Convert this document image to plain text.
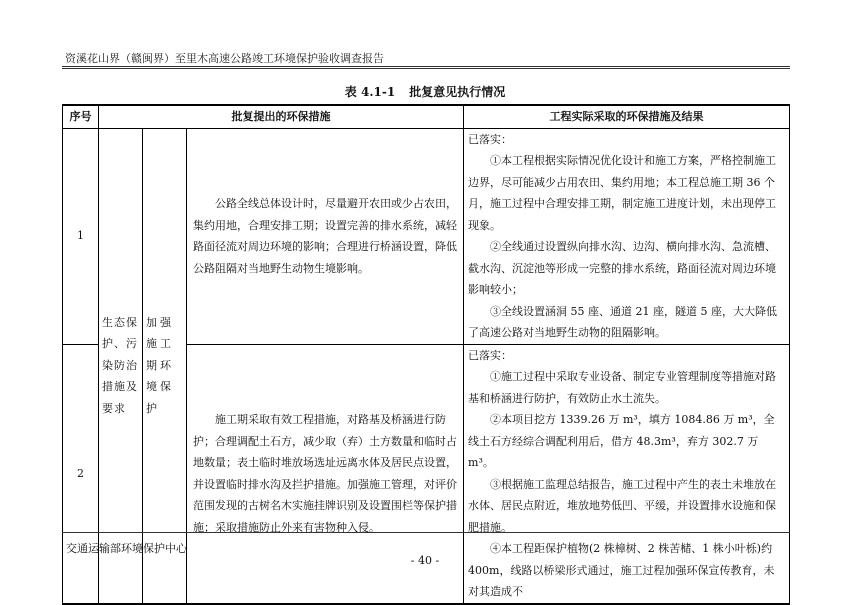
资溪花山界（赣闽界）至里木高速公路竣工环境保护验收调查报告
表 4.1-1 批复意见执行情况
序号	批复提出的环保措施			工程实际采取的环保措施及结果
1	生态保护、污染防治措施及要求	加强施工期环境保护	公路全线总体设计时，尽量避开农田或少占农田，集约用地，合理安排工期；设置完善的排水系统，减轻路面径流对周边环境的影响；合理进行桥涵设置，降低公路阻隔对当地野生动物生境影响。	已落实：

①本工程根据实际情况优化设计和施工方案，严格控制施工边界，尽可能减少占用农田、集约用地；本工程总施工期 36 个月，施工过程中合理安排工期，制定施工进度计划，未出现停工现象。

②全线通过设置纵向排水沟、边沟、横向排水沟、急流槽、截水沟、沉淀池等形成一完整的排水系统，路面径流对周边环境影响较小；

③全线设置涵洞 55 座、通道 21 座，隧道 5 座，大大降低了高速公路对当地野生动物的阻隔影响。

2			施工期采取有效工程措施，对路基及桥涵进行防护；合理调配土石方，减少取（弃）土方数量和临时占地数量；表土临时堆放场选址远离水体及居民点设置，并设置临时排水沟及拦护措施。加强施工管理，对评价范围发现的古树名木实施挂牌识别及设置围栏等保护措施；采取措施防止外来有害物种入侵。	已落实：

①施工过程中采取专业设备、制定专业管理制度等措施对路基和桥涵进行防护，有效防止水土流失。

②本项目挖方 1339.26 万 m³，填方 1084.86 万 m³，全线土石方经综合调配利用后，借方 48.3m³，弃方 302.7 万 m³。

③根据施工监理总结报告，施工过程中产生的表土未堆放在水体、居民点附近，堆放地势低凹、平缓，并设置排水设施和保肥措施。

④本工程距保护植物(2 株樟树、2 株苦槠、1 株小叶栎)约 400m，线路以桥梁形式通过，施工过程加强环保宣传教育，未对其造成不

交通运输部环境保护中心
- 40 -
